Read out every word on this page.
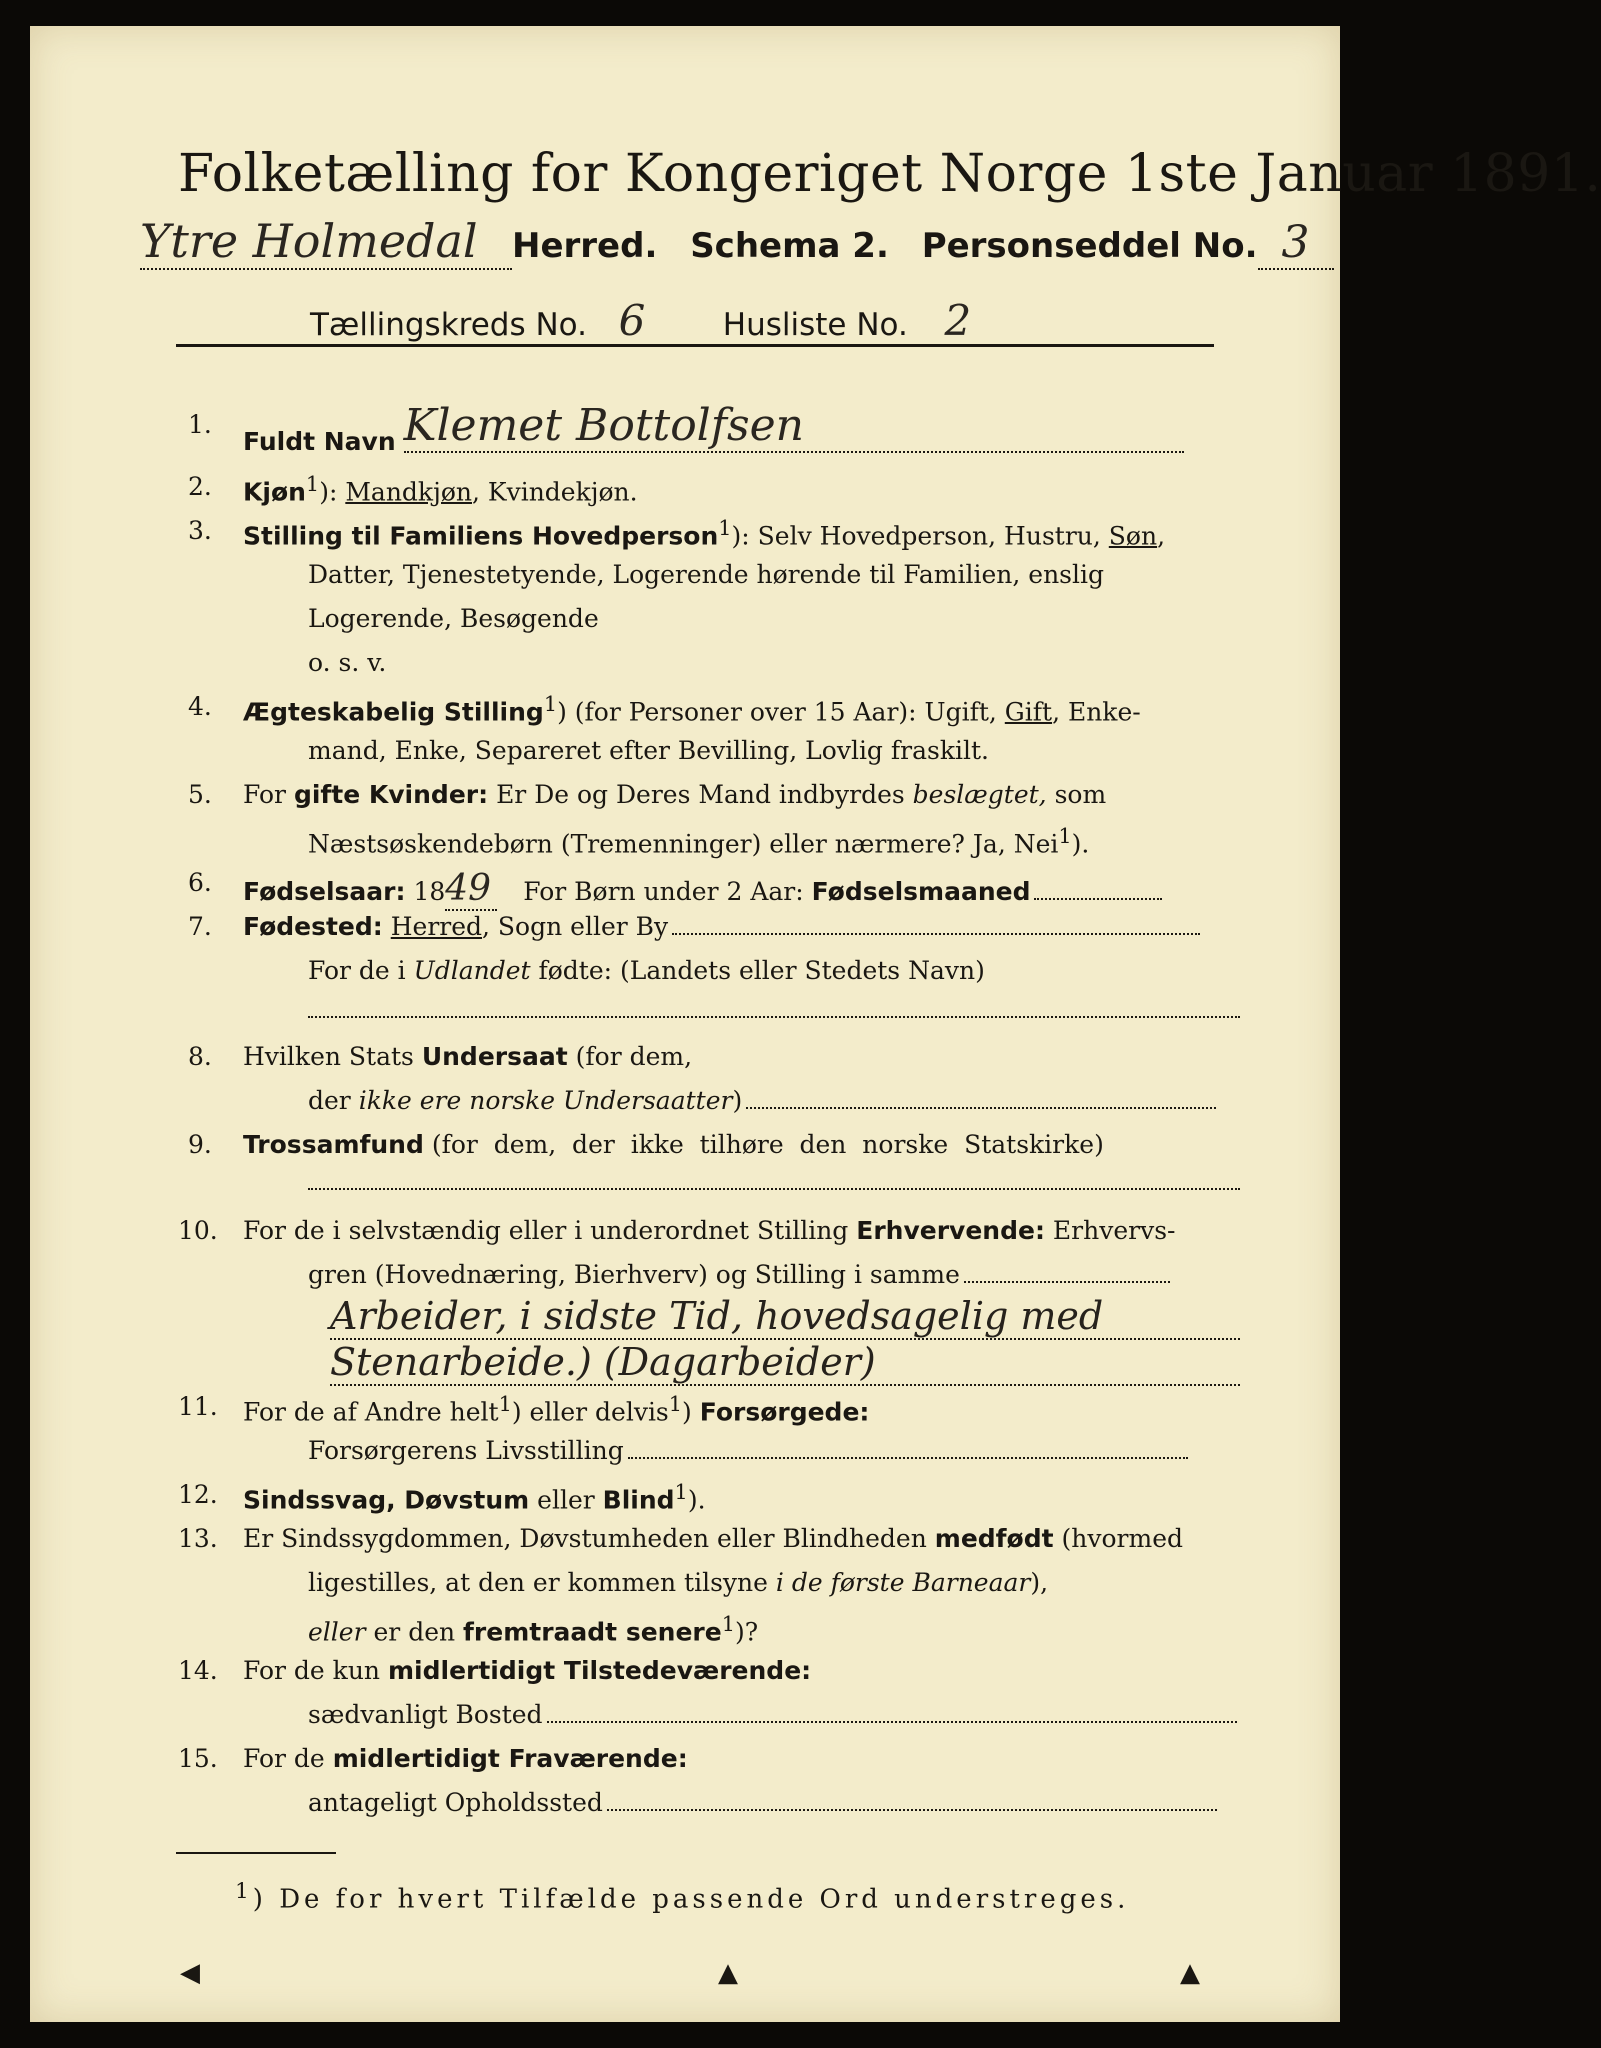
Folketælling for Kongeriget Norge 1ste Januar 1891.
Ytre Holmedal Herred. Schema 2. Personseddel No. 3
Tællingskreds No. 6	Husliste No. 2
1.
Fuldt Navn Klemet Bottolfsen
2. Kjøn$^1$): Mandkjøn, Kvindekjøn.
3. Stilling til Familiens Hovedperson$^1$): Selv Hovedperson, Hustru, Søn,
Datter, Tjenestetyende, Logerende hørende til Familien, enslig
Logerende, Besøgende
o. s. v.
4. Ægteskabelig Stilling$^1$) (for Personer over 15 Aar): Ugift, Gift, Enke-
mand, Enke, Separeret efter Bevilling, Lovlig fraskilt.
5. For gifte Kvinder: Er De og Deres Mand indbyrdes beslægtet, som
Næstsøskendebørn (Tremenninger) eller nærmere? Ja, Nei$^1$).
6. Fødselsaar: 1849 For Børn under 2 Aar: Fødselsmaaned
7. Fødested: Herred, Sogn eller By
For de i Udlandet fødte: (Landets eller Stedets Navn)
8. Hvilken Stats Undersaat (for dem,
der ikke ere norske Undersaatter)
9. Trossamfund (for  dem,  der  ikke  tilhøre  den  norske  Statskirke)
10. For de i selvstændig eller i underordnet Stilling Erhvervende: Erhvervs-
gren (Hovednæring, Bierhverv) og Stilling i samme
Arbeider, i sidste Tid, hovedsagelig med
Stenarbeide.) (Dagarbeider)
11. For de af Andre helt$^1$) eller delvis$^1$) Forsørgede:
Forsørgerens Livsstilling
12. Sindssvag, Døvstum eller Blind$^1$).
13. Er Sindssygdommen, Døvstumheden eller Blindheden medfødt (hvormed
ligestilles, at den er kommen tilsyne i de første Barneaar),
eller er den fremtraadt senere$^1$)?
14. For de kun midlertidigt Tilstedeværende:
sædvanligt Bosted
15. For de midlertidigt Fraværende:
antageligt Opholdssted
$^1$) De for hvert Tilfælde passende Ord understreges.
◀	▲	▲
